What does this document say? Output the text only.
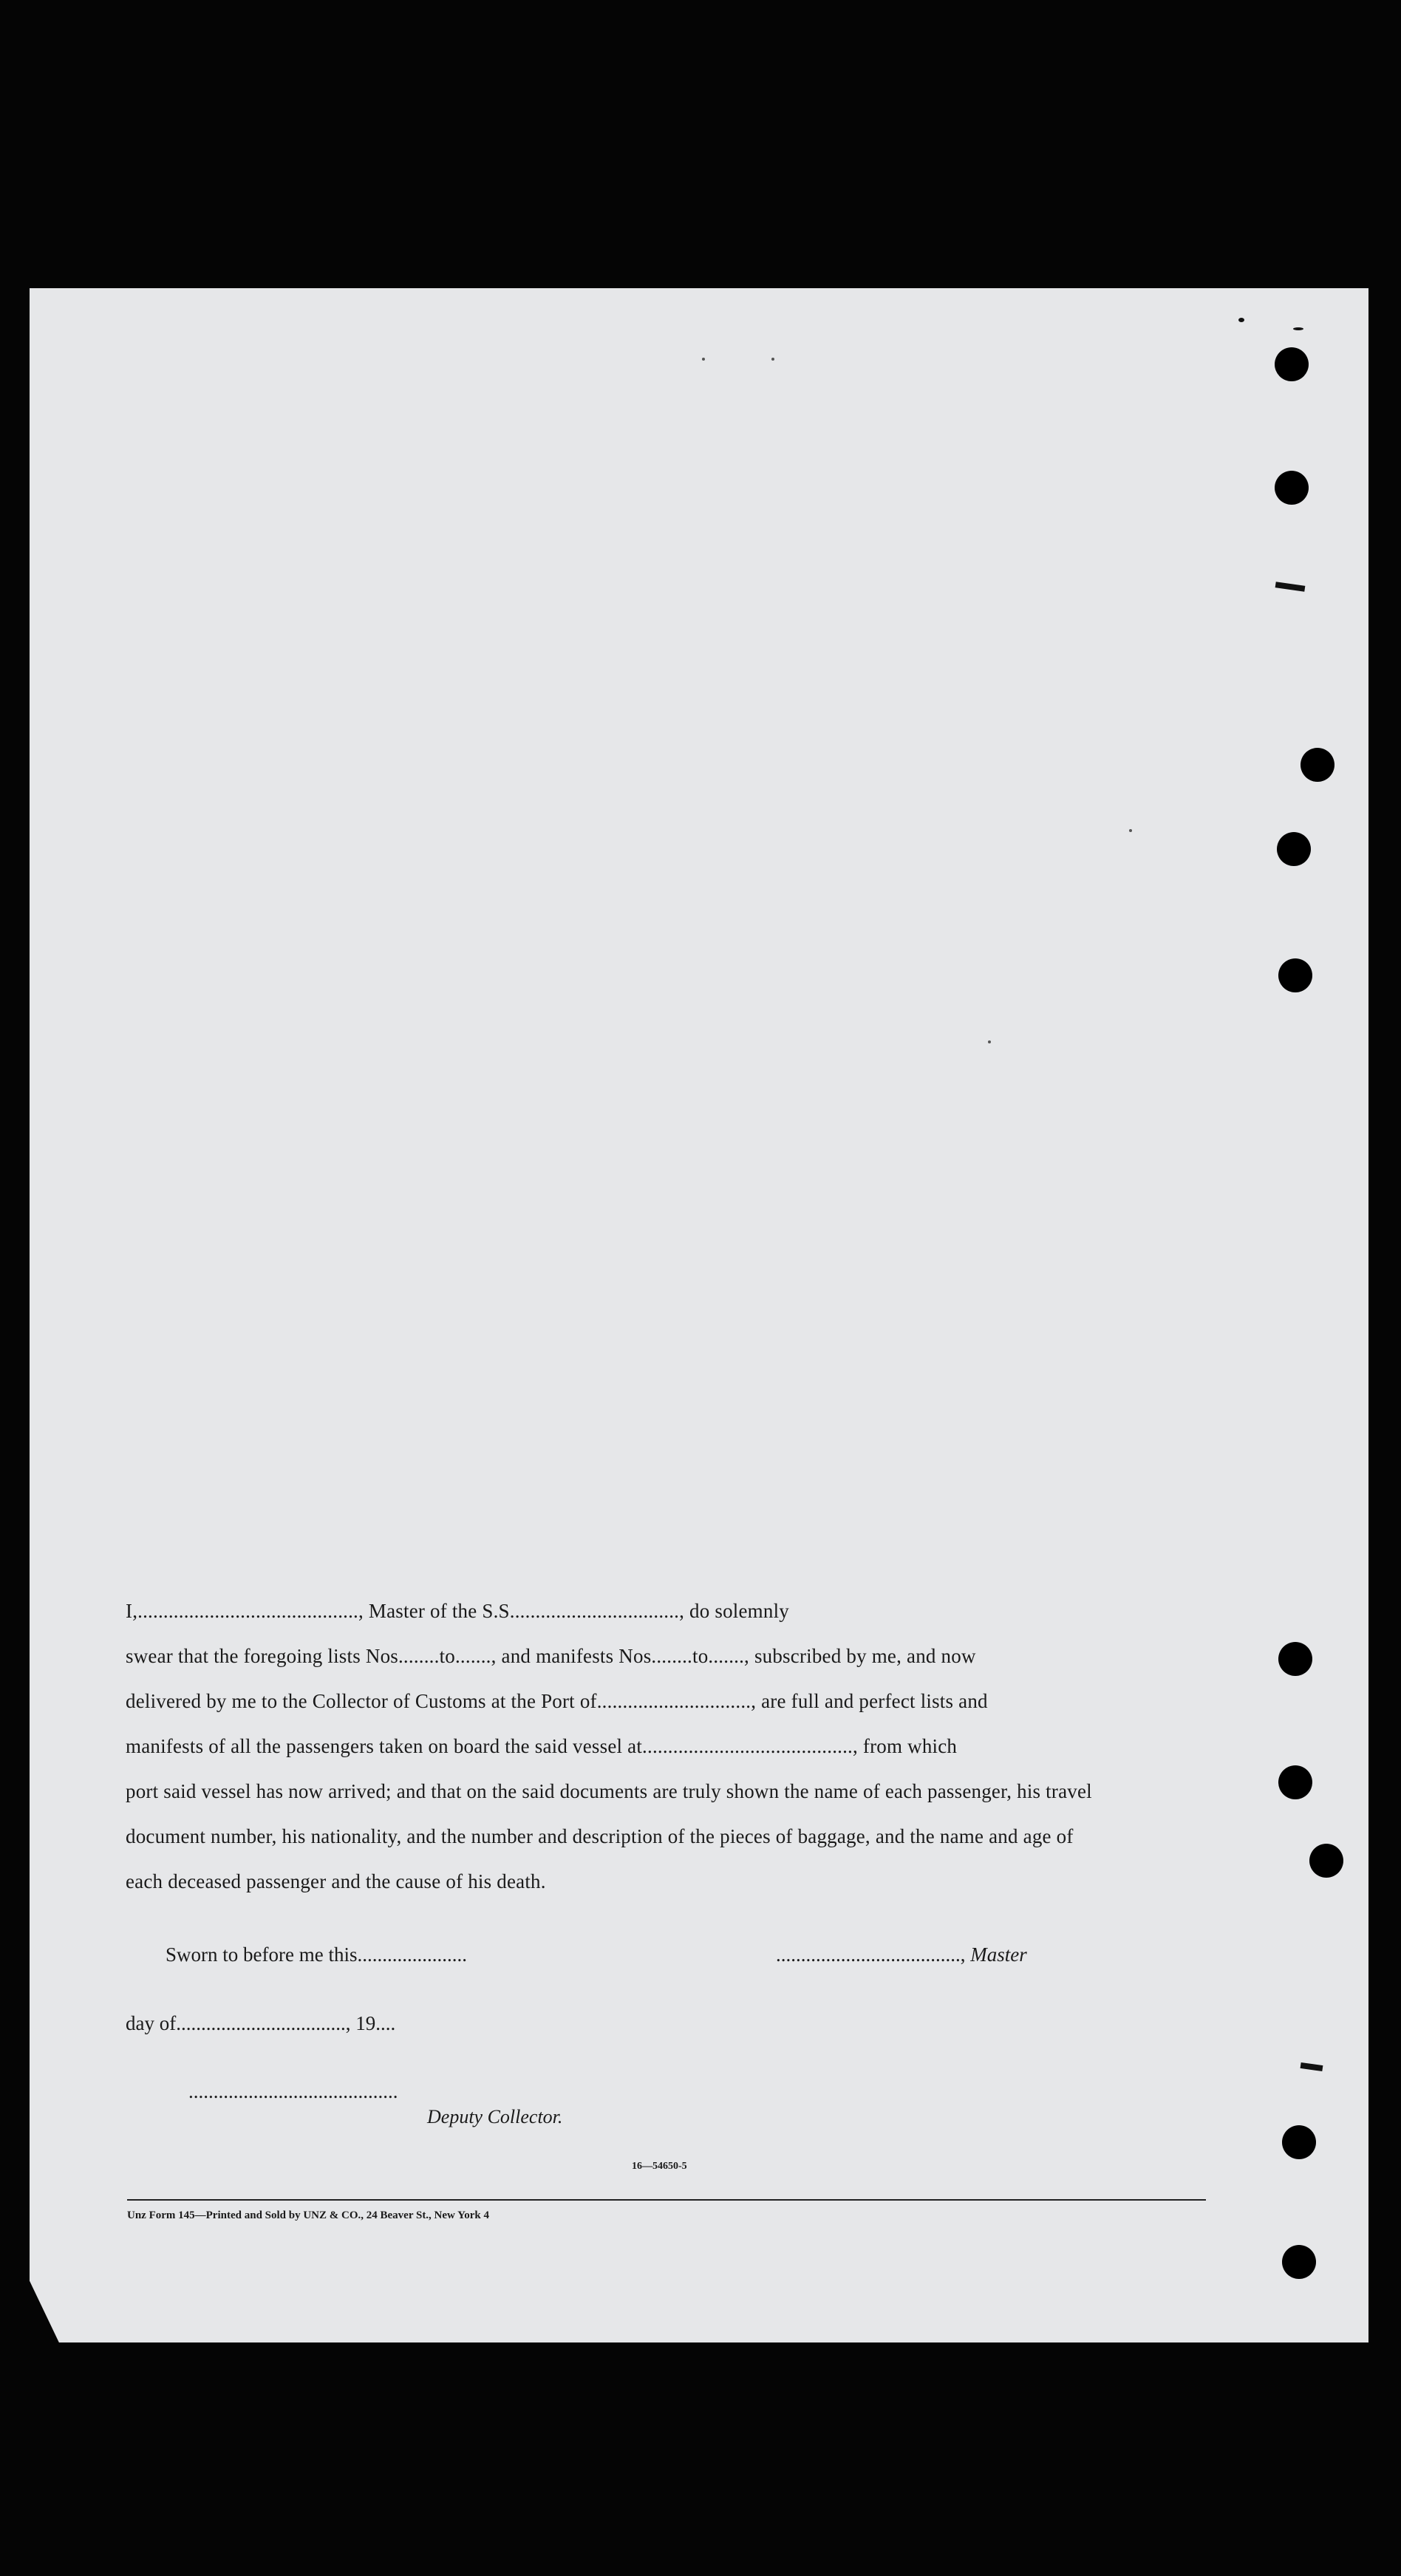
I,..........................................., Master of the S.S................................., do solemnly

swear that the foregoing lists Nos........to......., and manifests Nos........to......., subscribed by me, and now

delivered by me to the Collector of Customs at the Port of.............................., are full and perfect lists and

manifests of all the passengers taken on board the said vessel at........................................., from which

port said vessel has now arrived; and that on the said documents are truly shown the name of each passenger, his travel

document number, his nationality, and the number and description of the pieces of baggage, and the name and age of

each deceased passenger and the cause of his death.

Sworn to before me this......................	....................................., Master
day of.................................., 19....
..........................................
Deputy Collector.
16—54650-5
Unz Form 145—Printed and Sold by UNZ & CO., 24 Beaver St., New York 4
